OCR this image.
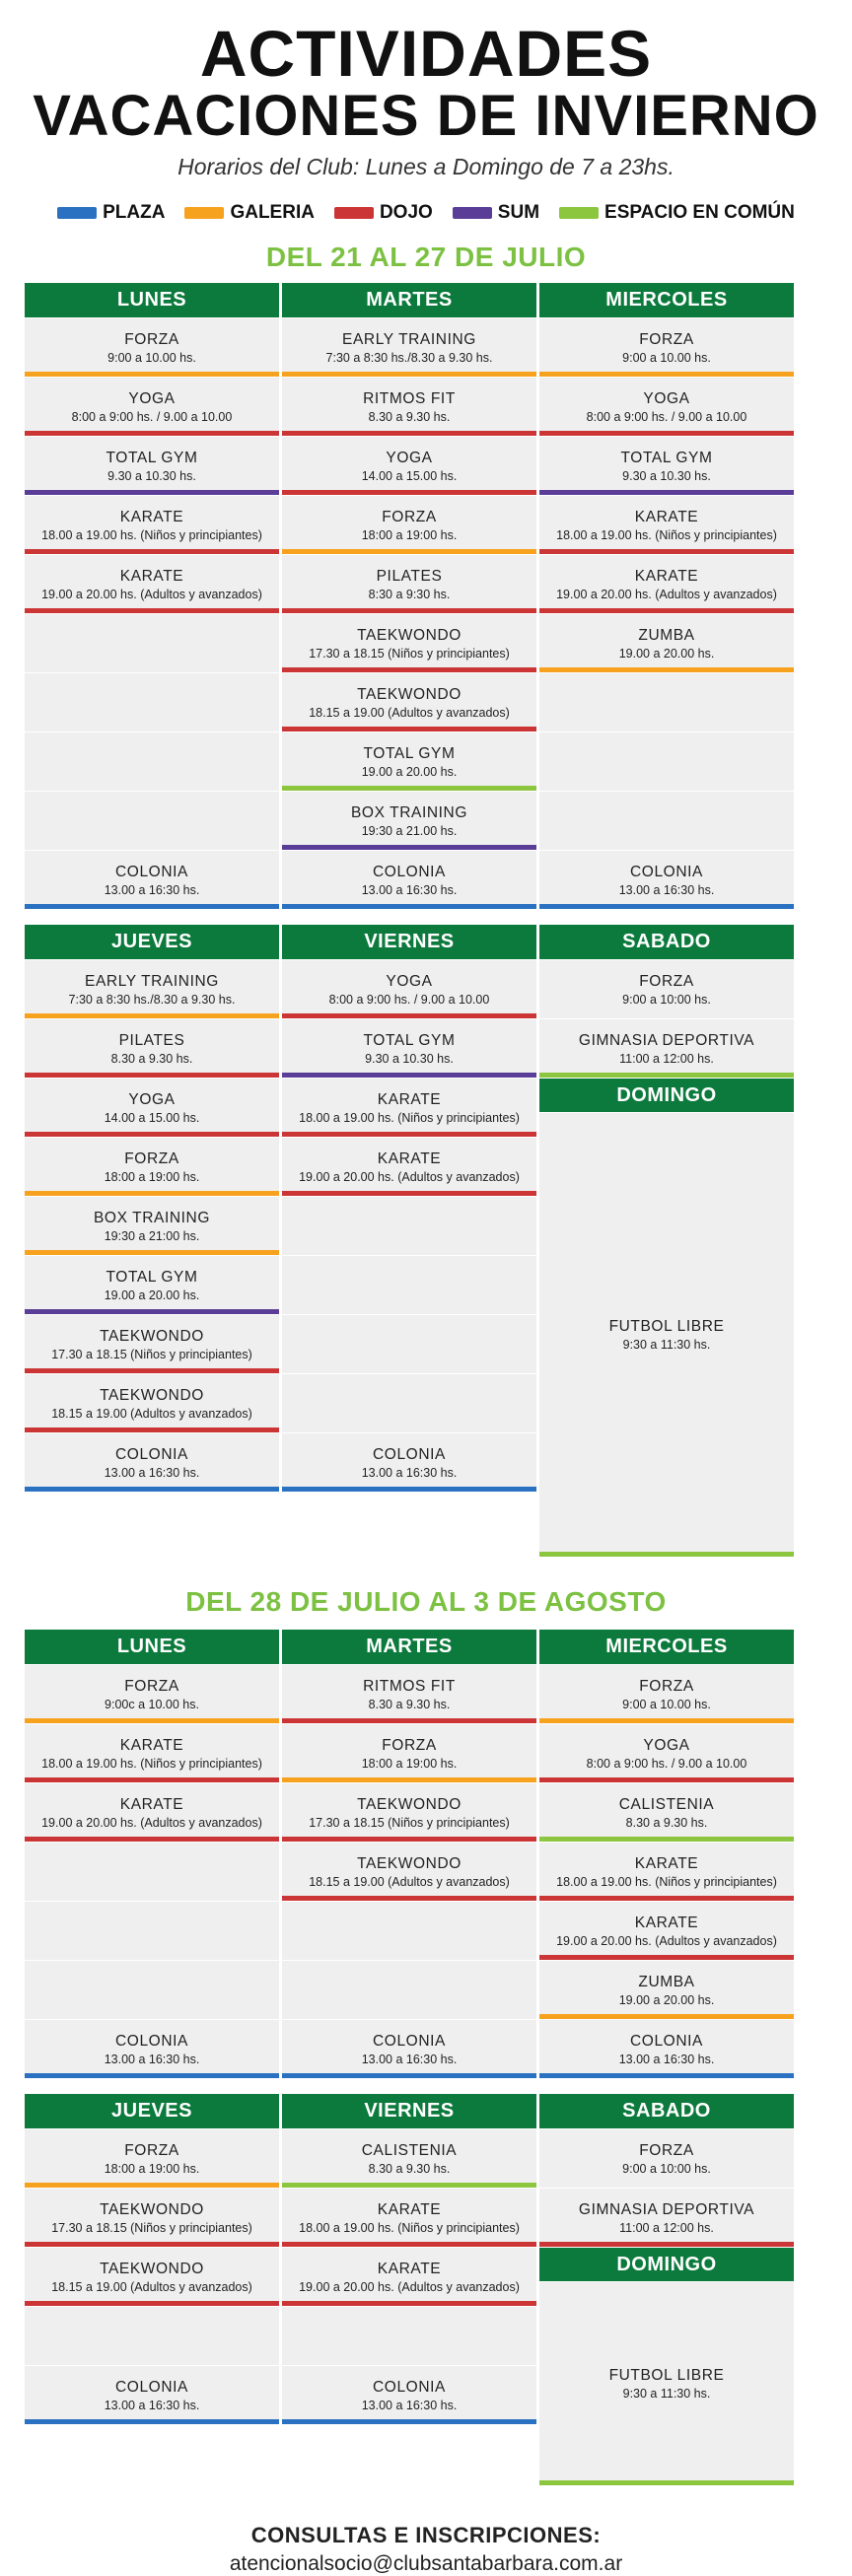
ACTIVIDADES
VACACIONES DE INVIERNO
Horarios del Club: Lunes a Domingo de 7 a 23hs.
PLAZA	GALERIA	DOJO	SUM	ESPACIO EN COMÚN
DEL 21 AL 27 DE JULIO
LUNES
FORZA
9:00 a 10.00 hs.
YOGA
8:00 a 9:00 hs. / 9.00 a 10.00
TOTAL GYM
9.30 a 10.30 hs.
KARATE
18.00 a 19.00 hs. (Niños y principiantes)
KARATE
19.00 a 20.00 hs. (Adultos y avanzados)
COLONIA
13.00 a 16:30 hs.
MARTES
EARLY TRAINING
7:30 a 8:30 hs./8.30 a 9.30 hs.
RITMOS FIT
8.30 a 9.30 hs.
YOGA
14.00 a 15.00 hs.
FORZA
18:00 a 19:00 hs.
PILATES
8:30 a 9:30 hs.
TAEKWONDO
17.30 a 18.15 (Niños y principiantes)
TAEKWONDO
18.15 a 19.00 (Adultos y avanzados)
TOTAL GYM
19.00 a 20.00 hs.
BOX TRAINING
19:30 a 21.00 hs.
COLONIA
13.00 a 16:30 hs.
MIERCOLES
FORZA
9:00 a 10.00 hs.
YOGA
8:00 a 9:00 hs. / 9.00 a 10.00
TOTAL GYM
9.30 a 10.30 hs.
KARATE
18.00 a 19.00 hs. (Niños y principiantes)
KARATE
19.00 a 20.00 hs. (Adultos y avanzados)
ZUMBA
19.00 a 20.00 hs.
COLONIA
13.00 a 16:30 hs.
JUEVES
EARLY TRAINING
7:30 a 8:30 hs./8.30 a 9.30 hs.
PILATES
8.30 a 9.30 hs.
YOGA
14.00 a 15.00 hs.
FORZA
18:00 a 19:00 hs.
BOX TRAINING
19:30 a 21:00 hs.
TOTAL GYM
19.00 a 20.00 hs.
TAEKWONDO
17.30 a 18.15 (Niños y principiantes)
TAEKWONDO
18.15 a 19.00 (Adultos y avanzados)
COLONIA
13.00 a 16:30 hs.
VIERNES
YOGA
8:00 a 9:00 hs. / 9.00 a 10.00
TOTAL GYM
9.30 a 10.30 hs.
KARATE
18.00 a 19.00 hs. (Niños y principiantes)
KARATE
19.00 a 20.00 hs. (Adultos y avanzados)
COLONIA
13.00 a 16:30 hs.
SABADO
FORZA
9:00 a 10:00 hs.
GIMNASIA DEPORTIVA
11:00 a 12:00 hs.
DOMINGO
FUTBOL LIBRE
9:30 a 11:30 hs.
DEL 28 DE JULIO AL 3 DE AGOSTO
LUNES
FORZA
9:00c a 10.00 hs.
KARATE
18.00 a 19.00 hs. (Niños y principiantes)
KARATE
19.00 a 20.00 hs. (Adultos y avanzados)
COLONIA
13.00 a 16:30 hs.
MARTES
RITMOS FIT
8.30 a 9.30 hs.
FORZA
18:00 a 19:00 hs.
TAEKWONDO
17.30 a 18.15 (Niños y principiantes)
TAEKWONDO
18.15 a 19.00 (Adultos y avanzados)
COLONIA
13.00 a 16:30 hs.
MIERCOLES
FORZA
9:00 a 10.00 hs.
YOGA
8:00 a 9:00 hs. / 9.00 a 10.00
CALISTENIA
8.30 a 9.30 hs.
KARATE
18.00 a 19.00 hs. (Niños y principiantes)
KARATE
19.00 a 20.00 hs. (Adultos y avanzados)
ZUMBA
19.00 a 20.00 hs.
COLONIA
13.00 a 16:30 hs.
JUEVES
FORZA
18:00 a 19:00 hs.
TAEKWONDO
17.30 a 18.15 (Niños y principiantes)
TAEKWONDO
18.15 a 19.00 (Adultos y avanzados)
COLONIA
13.00 a 16:30 hs.
VIERNES
CALISTENIA
8.30 a 9.30 hs.
KARATE
18.00 a 19.00 hs. (Niños y principiantes)
KARATE
19.00 a 20.00 hs. (Adultos y avanzados)
COLONIA
13.00 a 16:30 hs.
SABADO
FORZA
9:00 a 10:00 hs.
GIMNASIA DEPORTIVA
11:00 a 12:00 hs.
DOMINGO
FUTBOL LIBRE
9:30 a 11:30 hs.
CONSULTAS E INSCRIPCIONES:
atencionalsocio@clubsantabarbara.com.ar
